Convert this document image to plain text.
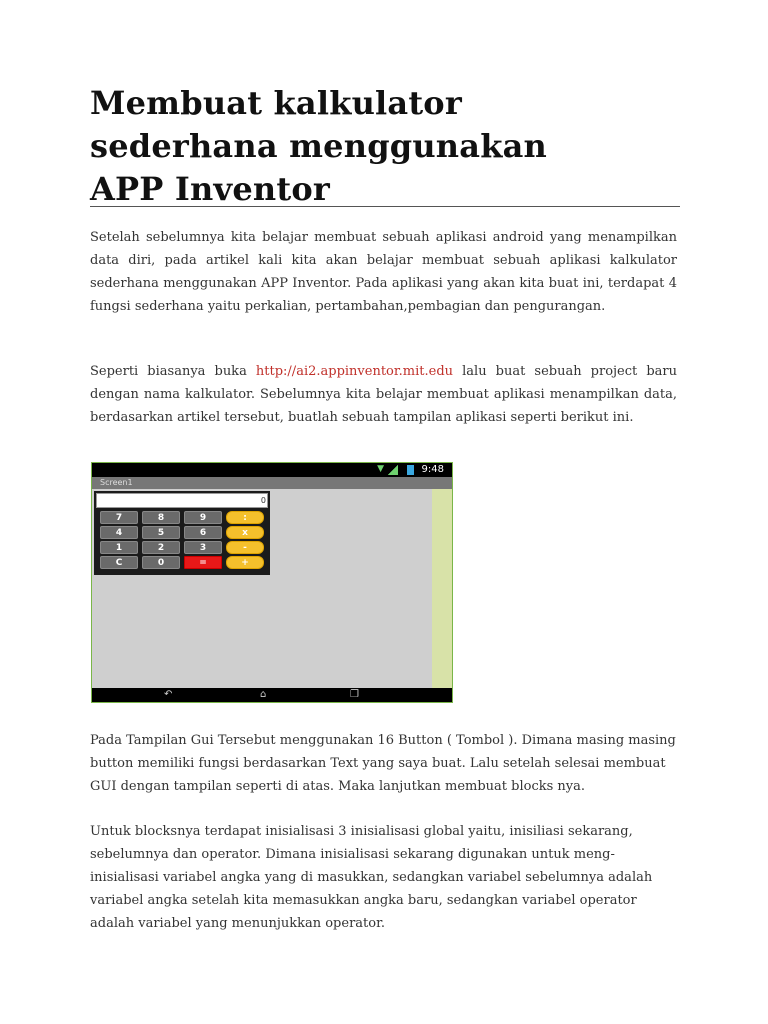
Membuat kalkulator
sederhana menggunakan
APP Inventor

Setelah sebelumnya kita belajar membuat sebuah aplikasi android yang menampilkan data diri, pada artikel kali kita akan belajar membuat sebuah aplikasi kalkulator sederhana menggunakan APP Inventor. Pada aplikasi yang akan kita buat ini, terdapat 4 fungsi sederhana yaitu perkalian, pertambahan,pembagian dan pengurangan.

Seperti biasanya buka http://ai2.appinventor.mit.edu lalu buat sebuah project baru dengan nama kalkulator. Sebelumnya kita belajar membuat aplikasi menampilkan data, berdasarkan artikel tersebut, buatlah sebuah tampilan aplikasi seperti berikut ini.

▼	9:48
Screen1
0
7	8	9	:
4	5	6	x
1	2	3	-
C	0	=	+
↶	⌂	❐

Pada Tampilan Gui Tersebut menggunakan 16 Button ( Tombol ). Dimana masing masing button memiliki fungsi berdasarkan Text yang saya buat. Lalu setelah selesai membuat GUI dengan tampilan seperti di atas. Maka lanjutkan membuat blocks nya.

Untuk blocksnya terdapat inisialisasi 3 inisialisasi global yaitu, inisiliasi sekarang, sebelumnya dan operator. Dimana inisialisasi sekarang digunakan untuk meng-inisialisasi variabel angka yang di masukkan, sedangkan variabel sebelumnya adalah variabel angka setelah kita memasukkan angka baru, sedangkan variabel operator adalah variabel yang menunjukkan operator.
